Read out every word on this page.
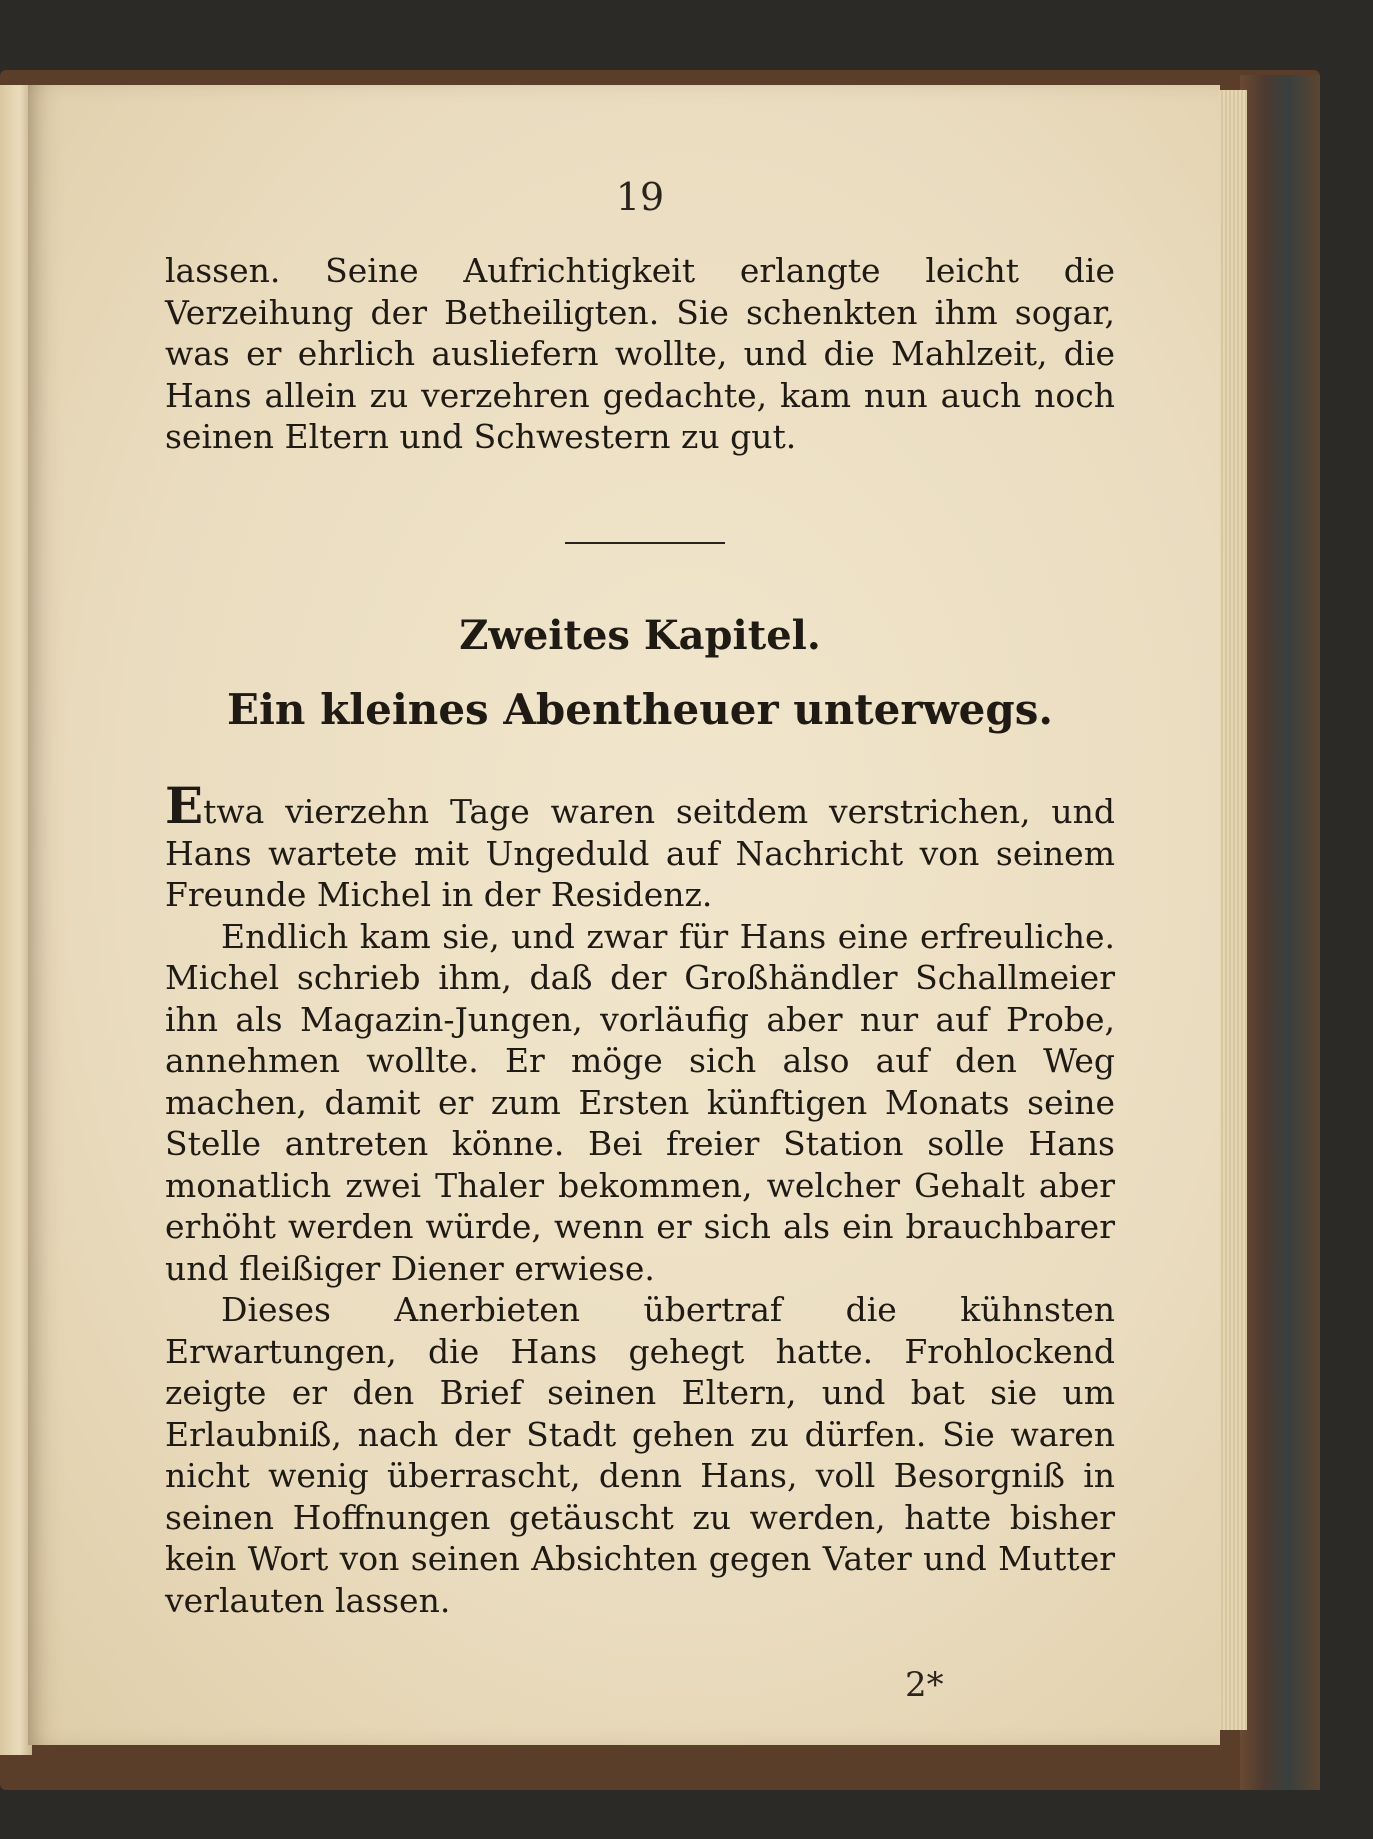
19

lassen. Seine Aufrichtigkeit erlangte leicht die Verzeihung der Betheiligten. Sie schenkten ihm sogar, was er ehrlich ausliefern wollte, und die Mahlzeit, die Hans allein zu verzehren gedachte, kam nun auch noch seinen Eltern und Schwestern zu gut.

Zweites Kapitel.
Ein kleines Abentheuer unterwegs.

Etwa vierzehn Tage waren seitdem verstrichen, und Hans wartete mit Ungeduld auf Nachricht von seinem Freunde Michel in der Residenz.

Endlich kam sie, und zwar für Hans eine erfreuliche. Michel schrieb ihm, daß der Großhändler Schallmeier ihn als Magazin-Jungen, vorläufig aber nur auf Probe, annehmen wollte. Er möge sich also auf den Weg machen, damit er zum Ersten künftigen Monats seine Stelle antreten könne. Bei freier Station solle Hans monatlich zwei Thaler bekommen, welcher Gehalt aber erhöht werden würde, wenn er sich als ein brauchbarer und fleißiger Diener erwiese.

Dieses Anerbieten übertraf die kühnsten Erwartungen, die Hans gehegt hatte. Frohlockend zeigte er den Brief seinen Eltern, und bat sie um Erlaubniß, nach der Stadt gehen zu dürfen. Sie waren nicht wenig überrascht, denn Hans, voll Besorgniß in seinen Hoffnungen getäuscht zu werden, hatte bisher kein Wort von seinen Absichten gegen Vater und Mutter verlauten lassen.

2*
